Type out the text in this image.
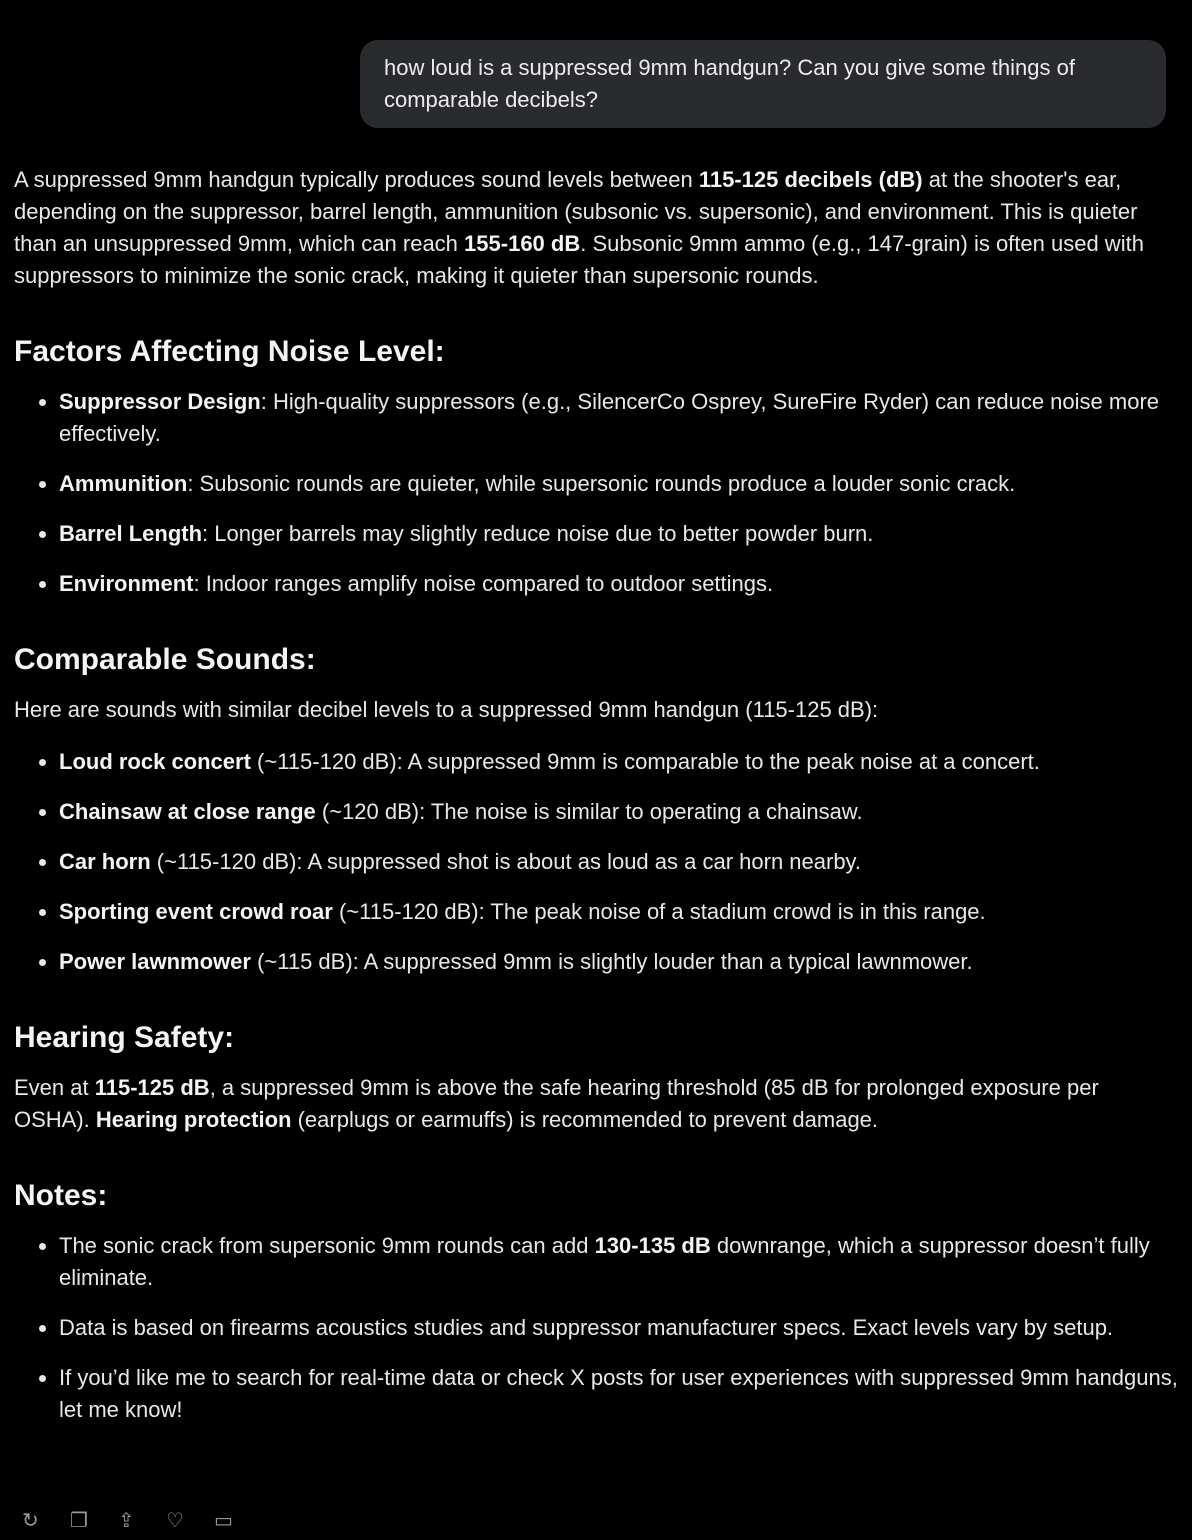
how loud is a suppressed 9mm handgun? Can you give some things of comparable decibels?

A suppressed 9mm handgun typically produces sound levels between 115-125 decibels (dB) at the shooter's ear, depending on the suppressor, barrel length, ammunition (subsonic vs. supersonic), and environment. This is quieter than an unsuppressed 9mm, which can reach 155-160 dB. Subsonic 9mm ammo (e.g., 147-grain) is often used with suppressors to minimize the sonic crack, making it quieter than supersonic rounds.

Factors Affecting Noise Level:
• Suppressor Design: High-quality suppressors (e.g., SilencerCo Osprey, SureFire Ryder) can reduce noise more effectively.
• Ammunition: Subsonic rounds are quieter, while supersonic rounds produce a louder sonic crack.
• Barrel Length: Longer barrels may slightly reduce noise due to better powder burn.
• Environment: Indoor ranges amplify noise compared to outdoor settings.
Comparable Sounds:

Here are sounds with similar decibel levels to a suppressed 9mm handgun (115-125 dB):

• Loud rock concert (~115-120 dB): A suppressed 9mm is comparable to the peak noise at a concert.
• Chainsaw at close range (~120 dB): The noise is similar to operating a chainsaw.
• Car horn (~115-120 dB): A suppressed shot is about as loud as a car horn nearby.
• Sporting event crowd roar (~115-120 dB): The peak noise of a stadium crowd is in this range.
• Power lawnmower (~115 dB): A suppressed 9mm is slightly louder than a typical lawnmower.
Hearing Safety:

Even at 115-125 dB, a suppressed 9mm is above the safe hearing threshold (85 dB for prolonged exposure per OSHA). Hearing protection (earplugs or earmuffs) is recommended to prevent damage.

Notes:
• The sonic crack from supersonic 9mm rounds can add 130-135 dB downrange, which a suppressor doesn’t fully eliminate.
• Data is based on firearms acoustics studies and suppressor manufacturer specs. Exact levels vary by setup.
• If you’d like me to search for real-time data or check X posts for user experiences with suppressed 9mm handguns, let me know!
↻ ❐ ⇪ ♡ ▭
